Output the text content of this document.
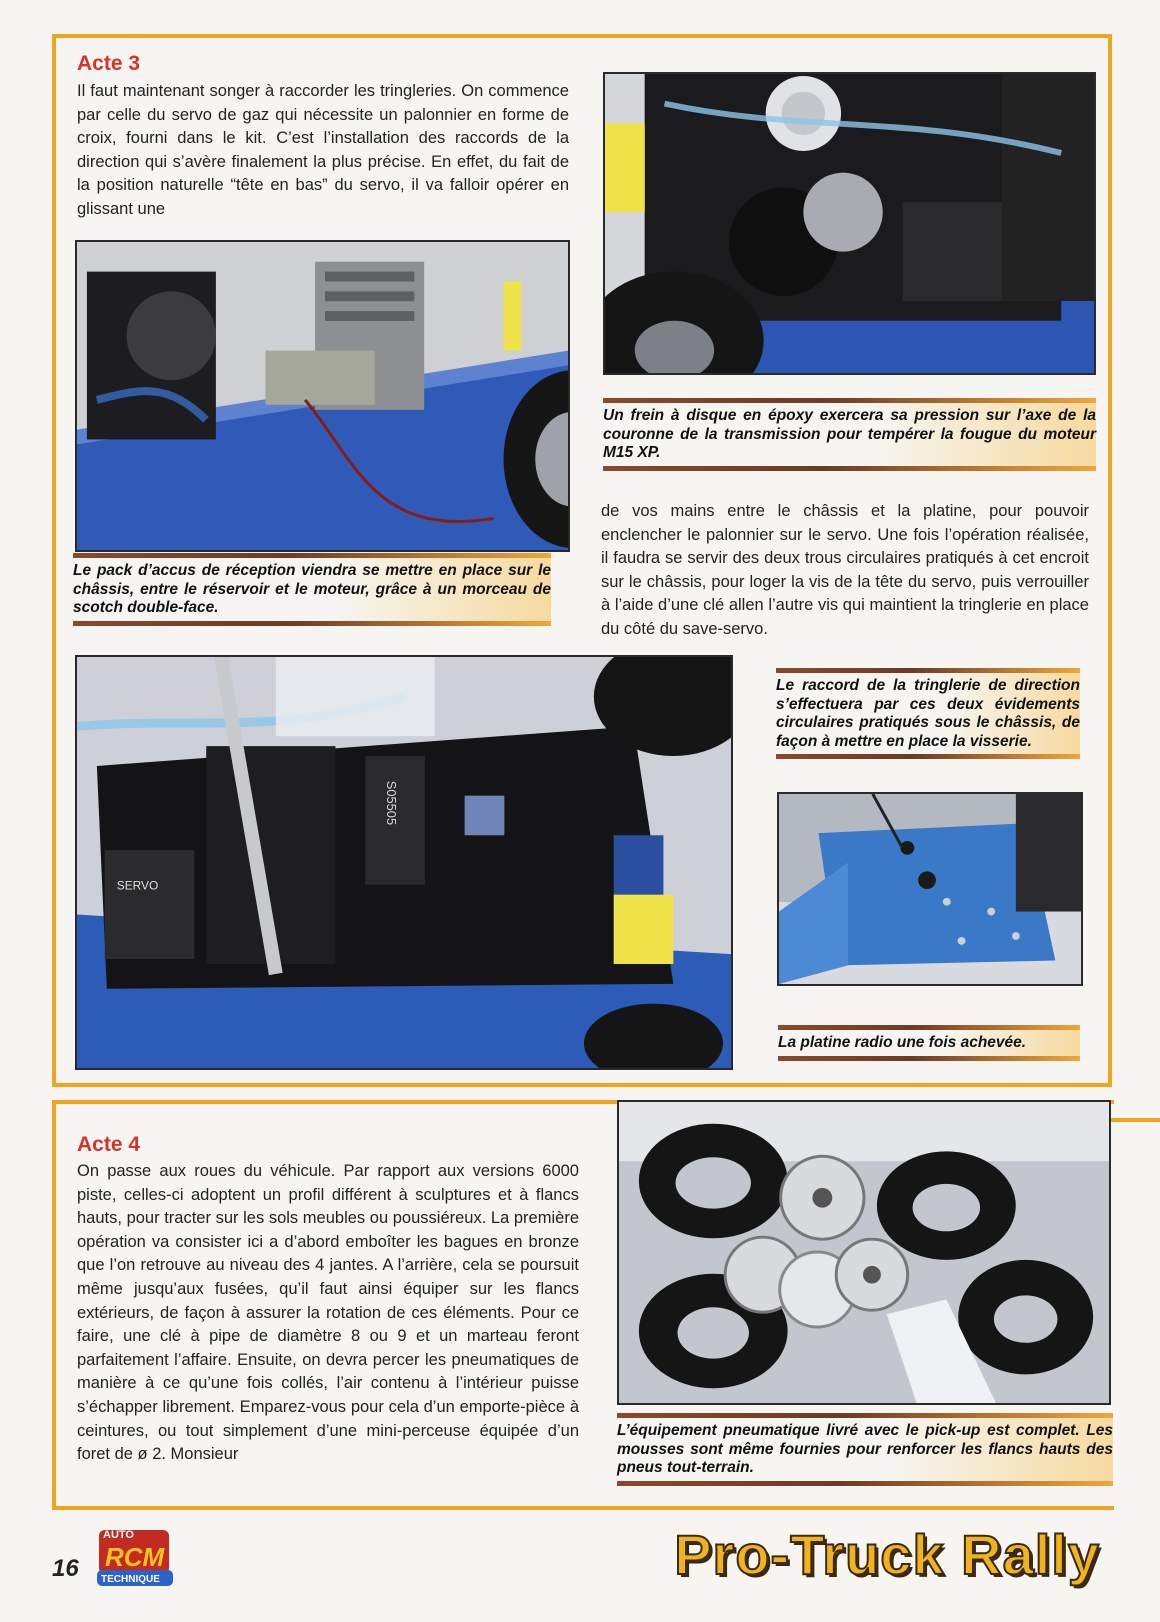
Acte 3

Il faut maintenant songer à raccorder les tringleries. On commence par celle du servo de gaz qui nécessite un palonnier en forme de croix, fourni dans le kit. C’est l’installation des raccords de la direction qui s’avère finalement la plus précise. En effet, du fait de la position naturelle “tête en bas” du servo, il va falloir opérer en glissant une

Le pack d’accus de réception viendra se mettre en place sur le châssis, entre le réservoir et le moteur, grâce à un morceau de scotch double-face.
Un frein à disque en époxy exercera sa pression sur l’axe de la couronne de la transmission pour tempérer la fougue du moteur M15 XP.

de vos mains entre le châssis et la platine, pour pouvoir enclencher le palonnier sur le servo. Une fois l’opération réalisée, il faudra se servir des deux trous circulaires pratiqués à cet encroit sur le châssis, pour loger la vis de la tête du servo, puis verrouiller à l’aide d’une clé allen l’autre vis qui maintient la tringlerie en place du côté du save-servo.

S05505
SERVO
Le raccord de la tringlerie de direction s’effectuera par ces deux évidements circulaires pratiqués sous le châssis, de façon à mettre en place la visserie.
La platine radio une fois achevée.
Acte 4

On passe aux roues du véhicule. Par rapport aux versions 6000 piste, celles-ci adoptent un profil différent à sculptures et à flancs hauts, pour tracter sur les sols meubles ou poussiéreux. La première opération va consister ici a d’abord emboîter les bagues en bronze que l’on retrouve au niveau des 4 jantes. A l’arrière, cela se poursuit même jusqu’aux fusées, qu’il faut ainsi équiper sur les flancs extérieurs, de façon à assurer la rotation de ces éléments. Pour ce faire, une clé à pipe de diamètre 8 ou 9 et un marteau feront parfaitement l’affaire. Ensuite, on devra percer les pneumatiques de manière à ce qu’une fois collés, l’air contenu à l’intérieur puisse s’échapper librement. Emparez-vous pour cela d’un emporte-pièce à ceintures, ou tout simplement d’une mini-perceuse équipée d’un foret de ø 2. Monsieur

L’équipement pneumatique livré avec le pick-up est complet. Les mousses sont même fournies pour renforcer les flancs hauts des pneus tout-terrain.
16
AUTO
RCM
TECHNIQUE	Pro-Truck Rally
